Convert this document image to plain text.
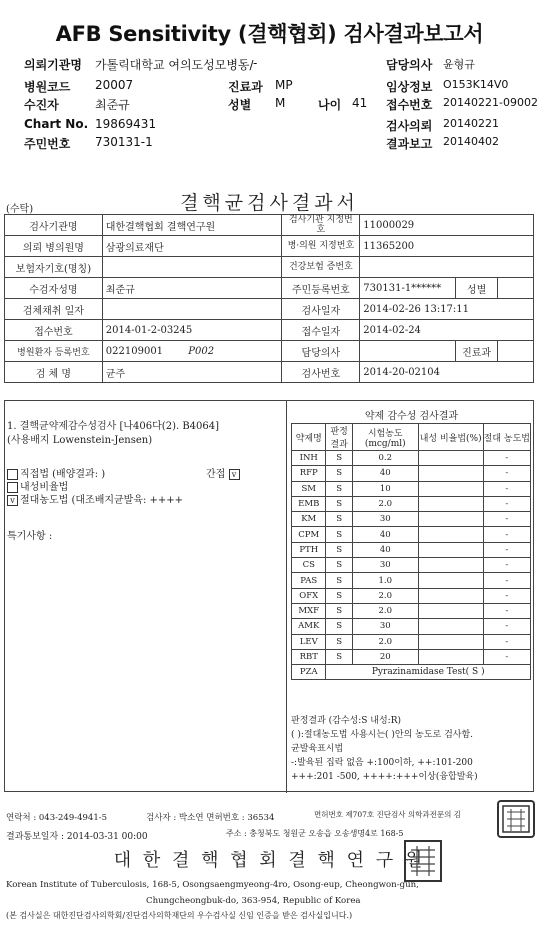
AFB Sensitivity (결핵협회) 검사결과보고서
의뢰기관명 가톨릭대학교 여의도성모병동/
병원코드 20007
수진자	최준규
Chart No. 19869431
주민번호 730131-1
-
진료과 MP
성별 M	나이 41
담당의사 윤형규
임상정보 O153K14V0
접수번호 20140221-09002
검사의뢰 20140221
결과보고 20140402
(수탁)	결핵균검사결과서
검사기관명	대한결핵협회 결핵연구원	검사기관 지정번호	11000029		
의뢰 병의원명	삼광의료재단	병·의원 지정번호	11365200		
보험자기호(명칭)		건강보험 증번호			
수검자성명	최준규	주민등록번호	730131-1******	성별	
검체채취 일자		검사일자	2014-02-26 13:17:11		
접수번호	2014-01-2-03245	접수일자	2014-02-24		
병원환자 등록번호	022109001 P002	담당의사		진료과	
검 체 명	균주	검사번호	2014-20-02104		
1. 결핵균약제감수성검사 [나406다(2). B4064]
(사용배지 Lowenstein-Jensen)
직접법 (배양결과: )
내성비율법
v 절대농도법 (대조배지균발육: ++++
간접 v
특기사항 :
약제 감수성 검사결과
약제명	판정 결과	시험농도 (mcg/ml)	내성 비율법(%)	절대 농도법
INH	S	0.2		-
RFP	S	40		-
SM	S	10		-
EMB	S	2.0		-
KM	S	30		-
CPM	S	40		-
PTH	S	40		-
CS	S	30		-
PAS	S	1.0		-
OFX	S	2.0		-
MXF	S	2.0		-
AMK	S	30		-
LEV	S	2.0		-
RBT	S	20		-
PZA	Pyrazinamidase Test( S )			
판정결과 (감수성:S 내성:R)
( ):절대농도법 사용시는( )안의 농도로 검사함.
균발육표시법
-:발육된 집락 없음 +:100이하, ++:101-200
+++:201 -500, ++++:+++이상(융합발육)
연락처 : 043-249-4941-5	검사자 : 박소연 면허번호 : 36534	면허번호 제707호 진단검사 의학과전문의 김
결과통보일자 : 2014-03-31 00:00	주소 : 충청북도 청원군 오송읍 오송생명4로 168-5
대 한 결 핵 협 회 결 핵 연 구 원
Korean Institute of Tuberculosis, 168-5, Osongsaengmyeong-4ro, Osong-eup, Cheongwon-gun,
Chungcheongbuk-do, 363-954, Republic of Korea
(본 검사실은 대한진단검사의학회/진단검사의학재단의 우수검사실 신임 인증을 받은 검사실입니다.)
